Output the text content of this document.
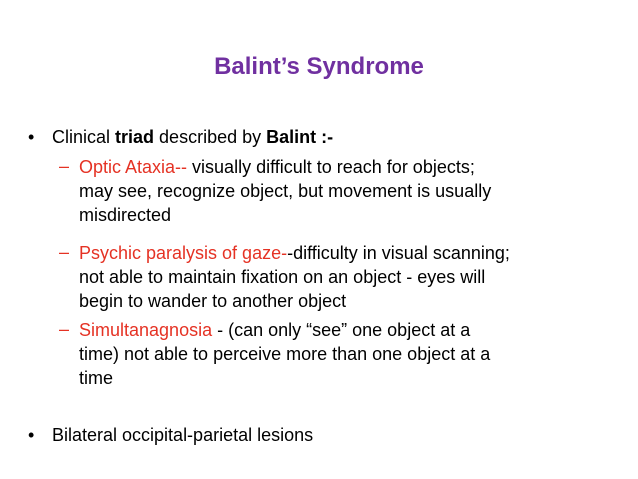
Balint’s Syndrome
• Clinical triad described by Balint :-
– Optic Ataxia-- visually difficult to reach for objects;
may see, recognize object, but movement is usually
misdirected
– Psychic paralysis of gaze--difficulty in visual scanning;
not able to maintain fixation on an object - eyes will
begin to wander to another object
– Simultanagnosia - (can only “see” one object at a
time) not able to perceive more than one object at a
time
• Bilateral occipital-parietal lesions
